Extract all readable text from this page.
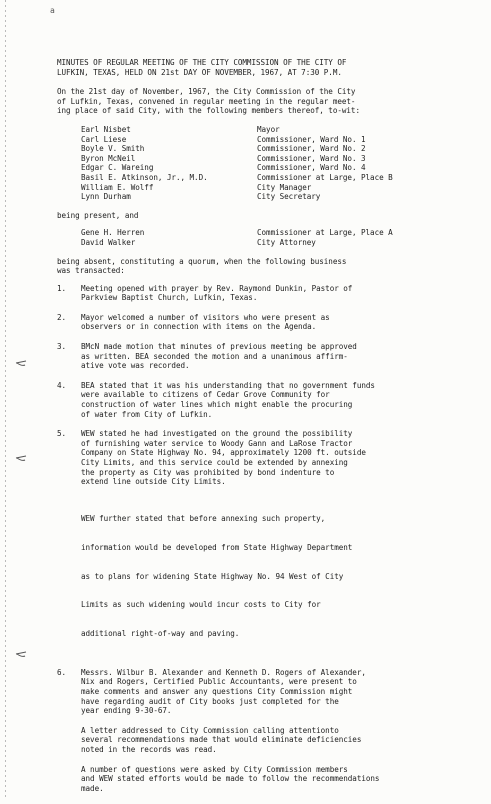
a
MINUTES OF REGULAR MEETING OF THE CITY COMMISSION OF THE CITY OF
LUFKIN, TEXAS, HELD ON 21st DAY OF NOVEMBER, 1967, AT 7:30 P.M.
On the 21st day of November, 1967, the City Commission of the City
of Lufkin, Texas, convened in regular meeting in the regular meet-
ing place of said City, with the following members thereof, to-wit:
Earl Nisbet	Mayor
Carl Liese	Commissioner, Ward No. 1
Boyle V. Smith	Commissioner, Ward No. 2
Byron McNeil	Commissioner, Ward No. 3
Edgar C. Wareing	Commissioner, Ward No. 4
Basil E. Atkinson, Jr., M.D.	Commissioner at Large, Place B
William E. Wolff	City Manager
Lynn Durham	City Secretary
being present, and
Gene H. Herren	Commissioner at Large, Place A
David Walker	City Attorney
being absent, constituting a quorum, when the following business
was transacted:
1.	Meeting opened with prayer by Rev. Raymond Dunkin, Pastor of
Parkview Baptist Church, Lufkin, Texas.
2.	Mayor welcomed a number of visitors who were present as
observers or in connection with items on the Agenda.
3.	BMcN made motion that minutes of previous meeting be approved
as written. BEA seconded the motion and a unanimous affirm-
ative vote was recorded.
4.	BEA stated that it was his understanding that no government funds
were available to citizens of Cedar Grove Community for
construction of water lines which might enable the procuring
of water from City of Lufkin.
5.	WEW stated he had investigated on the ground the possibility
of furnishing water service to Woody Gann and LaRose Tractor
Company on State Highway No. 94, approximately 1200 ft. outside
City Limits, and this service could be extended by annexing
the property as City was prohibited by bond indenture to
extend line outside City Limits.

WEW further stated that before annexing such property,

information would be developed from State Highway Department

as to plans for widening State Highway No. 94 West of City

Limits as such widening would incur costs to City for

additional right-of-way and paving.

6.	Messrs. Wilbur B. Alexander and Kenneth D. Rogers of Alexander,
Nix and Rogers, Certified Public Accountants, were present to
make comments and answer any questions City Commission might
have regarding audit of City books just completed for the
year ending 9-30-67.
A letter addressed to City Commission calling attentionto
several recommendations made that would eliminate deficiencies
noted in the records was read.
A number of questions were asked by City Commission members
and WEW stated efforts would be made to follow the recommendations
made.
